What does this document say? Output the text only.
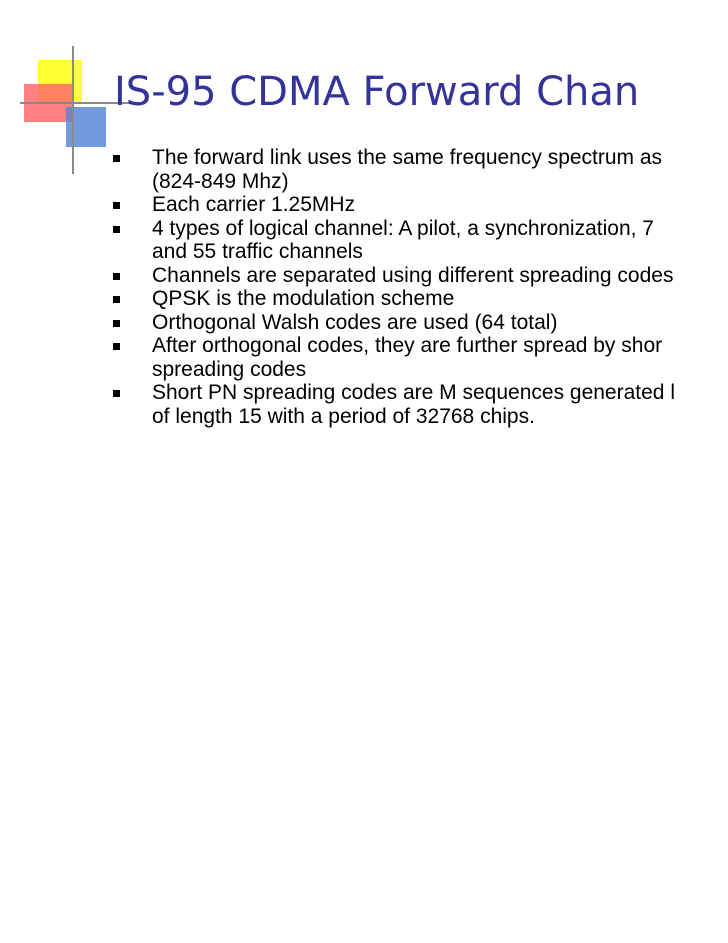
IS-95 CDMA Forward Chan
The forward link uses the same frequency spectrum as
(824-849 Mhz)
Each carrier 1.25MHz
4 types of logical channel: A pilot, a synchronization, 7
and 55 traffic channels
Channels are separated using different spreading codes
QPSK is the modulation scheme
Orthogonal Walsh codes are used (64 total)
After orthogonal codes, they are further spread by shor
spreading codes
Short PN spreading codes are M sequences generated l
of length 15 with a period of 32768 chips.
